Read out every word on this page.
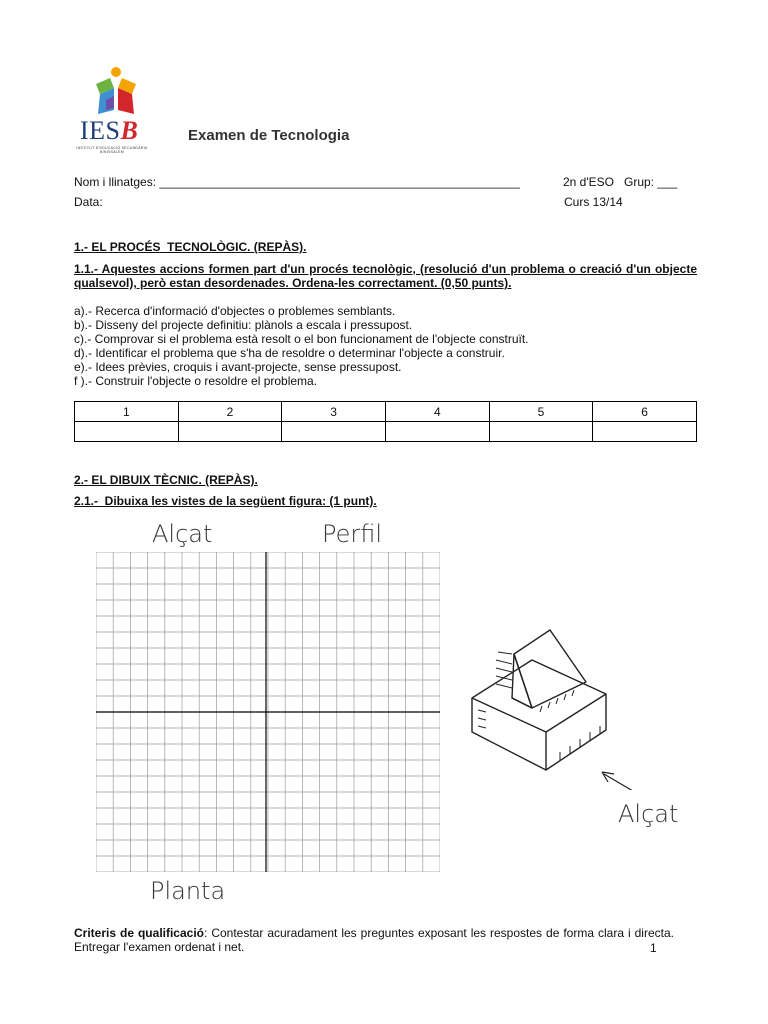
IESB
INSTITUT D'EDUCACIÓ SECUNDÀRIA BINISSALEM
Examen de Tecnologia
Nom i llinatges: ______________________________________________________	2n d'ESO   Grup: ___
Data:	Curs 13/14
1.- EL PROCÉS  TECNOLÒGIC. (REPÀS).
1.1.- Aquestes accions formen part d'un procés tecnològic, (resolució d'un problema o creació d'un objecte qualsevol), però estan desordenades. Ordena-les correctament. (0,50 punts).
a).- Recerca d'informació d'objectes o problemes semblants.
b).- Disseny del projecte definitiu: plànols a escala i pressupost.
c).- Comprovar si el problema està resolt o el bon funcionament de l'objecte construït.
d).- Identificar el problema que s'ha de resoldre o determinar l'objecte a construir.
e).- Idees prèvies, croquis i avant-projecte, sense pressupost.
f ).- Construir l'objecte o resoldre el problema.
1	2	3	4	5	6

2.- EL DIBUIX TÈCNIC. (REPÀS).
2.1.-  Dibuixa les vistes de la següent figura: (1 punt).
Alçat	Perfil
Planta
Alçat
Criteris de qualificació: Contestar acuradament les preguntes exposant les respostes de forma clara i directa. Entregar l'examen ordenat i net.	1
